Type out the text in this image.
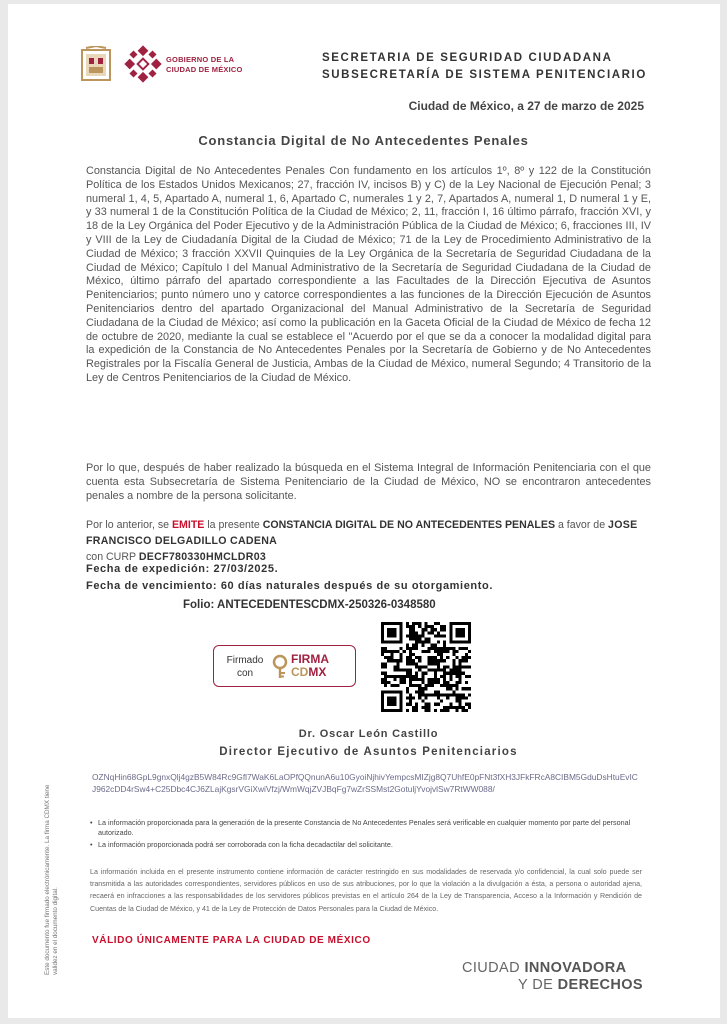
GOBIERNO DE LA
CIUDAD DE MÉXICO
SECRETARIA DE SEGURIDAD CIUDADANA
SUBSECRETARÍA DE SISTEMA PENITENCIARIO
Ciudad de México, a 27 de marzo de 2025
Constancia Digital de No Antecedentes Penales

Constancia Digital de No Antecedentes Penales Con fundamento en los artículos 1º, 8º y 122 de la Constitución Política de los Estados Unidos Mexicanos; 27, fracción IV, incisos B) y C) de la Ley Nacional de Ejecución Penal; 3 numeral 1, 4, 5, Apartado A, numeral 1, 6, Apartado C, numerales 1 y 2, 7, Apartados A, numeral 1, D numeral 1 y E, y 33 numeral 1 de la Constitución Política de la Ciudad de México; 2, 11, fracción I, 16 último párrafo, fracción XVI, y 18 de la Ley Orgánica del Poder Ejecutivo y de la Administración Pública de la Ciudad de México; 6, fracciones III, IV y VIII de la Ley de Ciudadanía Digital de la Ciudad de México; 71 de la Ley de Procedimiento Administrativo de la Ciudad de México; 3 fracción XXVII Quinquies de la Ley Orgánica de la Secretaría de Seguridad Ciudadana de la Ciudad de México; Capítulo I del Manual Administrativo de la Secretaría de Seguridad Ciudadana de la Ciudad de México, último párrafo del apartado correspondiente a las Facultades de la Dirección Ejecutiva de Asuntos Penitenciarios; punto número uno y catorce correspondientes a las funciones de la Dirección Ejecución de Asuntos Penitenciarios dentro del apartado Organizacional del Manual Administrativo de la Secretaría de Seguridad Ciudadana de la Ciudad de México; así como la publicación en la Gaceta Oficial de la Ciudad de México de fecha 12 de octubre de 2020, mediante la cual se establece el "Acuerdo por el que se da a conocer la modalidad digital para la expedición de la Constancia de No Antecedentes Penales por la Secretaría de Gobierno y de No Antecedentes Registrales por la Fiscalía General de Justicia, Ambas de la Ciudad de México, numeral Segundo; 4 Transitorio de la Ley de Centros Penitenciarios de la Ciudad de México.

Por lo que, después de haber realizado la búsqueda en el Sistema Integral de Información Penitenciaria con el que cuenta esta Subsecretaría de Sistema Penitenciario de la Ciudad de México, NO se encontraron antecedentes penales a nombre de la persona solicitante.

Por lo anterior, se EMITE la presente CONSTANCIA DIGITAL DE NO ANTECEDENTES PENALES a favor de JOSE FRANCISCO DELGADILLO CADENA
con CURP DECF780330HMCLDR03
Fecha de expedición: 27/03/2025.
Fecha de vencimiento: 60 días naturales después de su otorgamiento.
Folio: ANTECEDENTESCDMX-250326-0348580
Firmado
con
FIRMA
CDMX
Dr. Oscar León Castillo
Director Ejecutivo de Asuntos Penitenciarios
OZNqHin68GpL9gnxQlj4gzB5W84Rc9Gfl7WaK6LaOPfQQnunA6u10GyoiNjhivYempcsMIZjg8Q7UhfE0pFNt3fXH3JFkFRcA8CIBM5GduDsHtuEvICJ962cDD4rSw4+C25Dbc4CJ6ZLajKgsrVGiXwiVfzj/WmWqjZVJBqFg7wZrSSMst2GotuljYvojvlSw7RtWW088/
• La información proporcionada para la generación de la presente Constancia de No Antecedentes Penales será verificable en cualquier momento por parte del personal autorizado.
• La información proporcionada podrá ser corroborada con la ficha decadactilar del solicitante.

La información incluida en el presente instrumento contiene información de carácter restringido en sus modalidades de reservada y/o confidencial, la cual solo puede ser transmitida a las autoridades correspondientes, servidores públicos en uso de sus atribuciones, por lo que la violación a la divulgación a ésta, a persona o autoridad ajena, recaerá en infracciones a las responsabilidades de los servidores públicos previstas en el artículo 264 de la Ley de Transparencia, Acceso a la Información y Rendición de Cuentas de la Ciudad de México, y 41 de la Ley de Protección de Datos Personales para la Ciudad de México.

VÁLIDO ÚNICAMENTE PARA LA CIUDAD DE MÉXICO
Este documento fue firmado electrónicamente. La firma CDMX tiene validez en el documento digital.	CIUDAD INNOVADORA
Y DE DERECHOS
